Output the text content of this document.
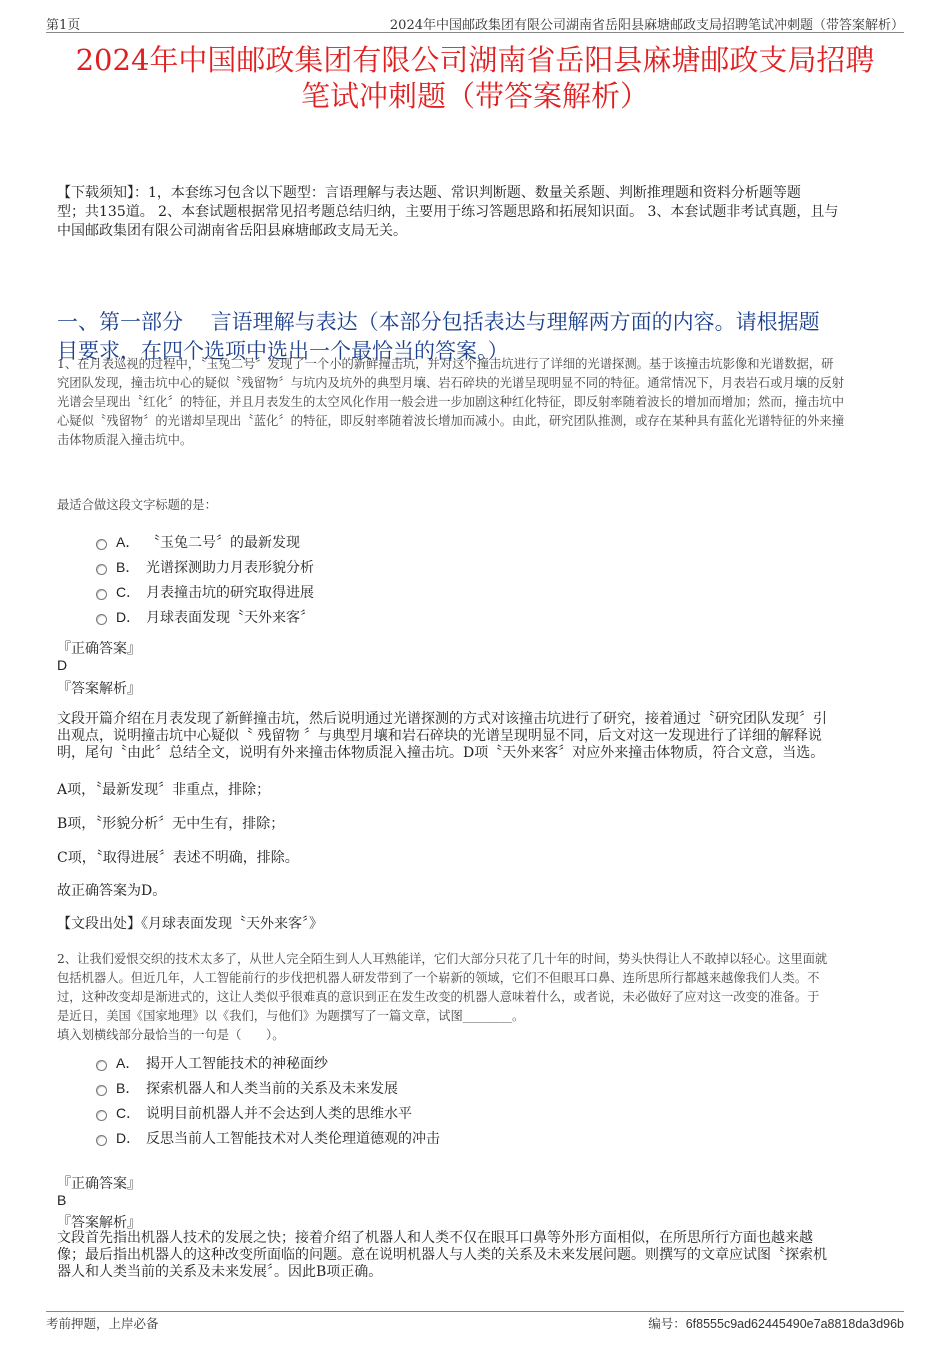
第1页	2024年中国邮政集团有限公司湖南省岳阳县麻塘邮政支局招聘笔试冲刺题（带答案解析）
2024年中国邮政集团有限公司湖南省岳阳县麻塘邮政支局招聘
笔试冲刺题（带答案解析）
【下载须知】：1，本套练习包含以下题型：言语理解与表达题、常识判断题、数量关系题、判断推理题和资料分析题等题
型；共135道。 2、本套试题根据常见招考题总结归纳，主要用于练习答题思路和拓展知识面。 3、本套试题非考试真题，且与
中国邮政集团有限公司湖南省岳阳县麻塘邮政支局无关。
一、第一部分　 言语理解与表达（本部分包括表达与理解两方面的内容。请根据题
目要求，在四个选项中选出一个最恰当的答案。）
1、在月表巡视的过程中，〝玉兔二号〞发现了一个小的新鲜撞击坑，并对这个撞击坑进行了详细的光谱探测。基于该撞击坑影像和光谱数据，研
究团队发现，撞击坑中心的疑似〝残留物〞与坑内及坑外的典型月壤、岩石碎块的光谱呈现明显不同的特征。通常情况下，月表岩石或月壤的反射
光谱会呈现出〝红化〞的特征，并且月表发生的太空风化作用一般会进一步加剧这种红化特征，即反射率随着波长的增加而增加；然而，撞击坑中
心疑似〝残留物〞的光谱却呈现出〝蓝化〞的特征，即反射率随着波长增加而减小。由此，研究团队推测，或存在某种具有蓝化光谱特征的外来撞
击体物质混入撞击坑中。
最适合做这段文字标题的是：
A． 〝玉兔二号〞的最新发现
B． 光谱探测助力月表形貌分析
C． 月表撞击坑的研究取得进展
D． 月球表面发现〝天外来客〞
『正确答案』
D
『答案解析』
文段开篇介绍在月表发现了新鲜撞击坑，然后说明通过光谱探测的方式对该撞击坑进行了研究，接着通过〝研究团队发现〞引
出观点，说明撞击坑中心疑似〝 残留物 〞与典型月壤和岩石碎块的光谱呈现明显不同，后文对这一发现进行了详细的解释说
明，尾句〝由此〞总结全文，说明有外来撞击体物质混入撞击坑。D项〝天外来客〞对应外来撞击体物质，符合文意，当选。
A项，〝最新发现〞非重点，排除；
B项，〝形貌分析〞无中生有，排除；
C项，〝取得进展〞表述不明确，排除。
故正确答案为D。
【文段出处】《月球表面发现〝天外来客〞》
2、让我们爱恨交织的技术太多了，从世人完全陌生到人人耳熟能详，它们大部分只花了几十年的时间，势头快得让人不敢掉以轻心。这里面就
包括机器人。但近几年，人工智能前行的步伐把机器人研发带到了一个崭新的领域，它们不但眼耳口鼻、连所思所行都越来越像我们人类。不
过，这种改变却是渐进式的，这让人类似乎很难真的意识到正在发生改变的机器人意味着什么，或者说，未必做好了应对这一改变的准备。于
是近日，美国《国家地理》以《我们，与他们》为题撰写了一篇文章，试图________。
填入划横线部分最恰当的一句是（　　）。
A． 揭开人工智能技术的神秘面纱
B． 探索机器人和人类当前的关系及未来发展
C． 说明目前机器人并不会达到人类的思维水平
D． 反思当前人工智能技术对人类伦理道德观的冲击
『正确答案』
B
『答案解析』
文段首先指出机器人技术的发展之快；接着介绍了机器人和人类不仅在眼耳口鼻等外形方面相似，在所思所行方面也越来越
像；最后指出机器人的这种改变所面临的问题。意在说明机器人与人类的关系及未来发展问题。则撰写的文章应试图〝探索机
器人和人类当前的关系及未来发展〞。因此B项正确。
考前押题，上岸必备	编号：6f8555c9ad62445490e7a8818da3d96b
